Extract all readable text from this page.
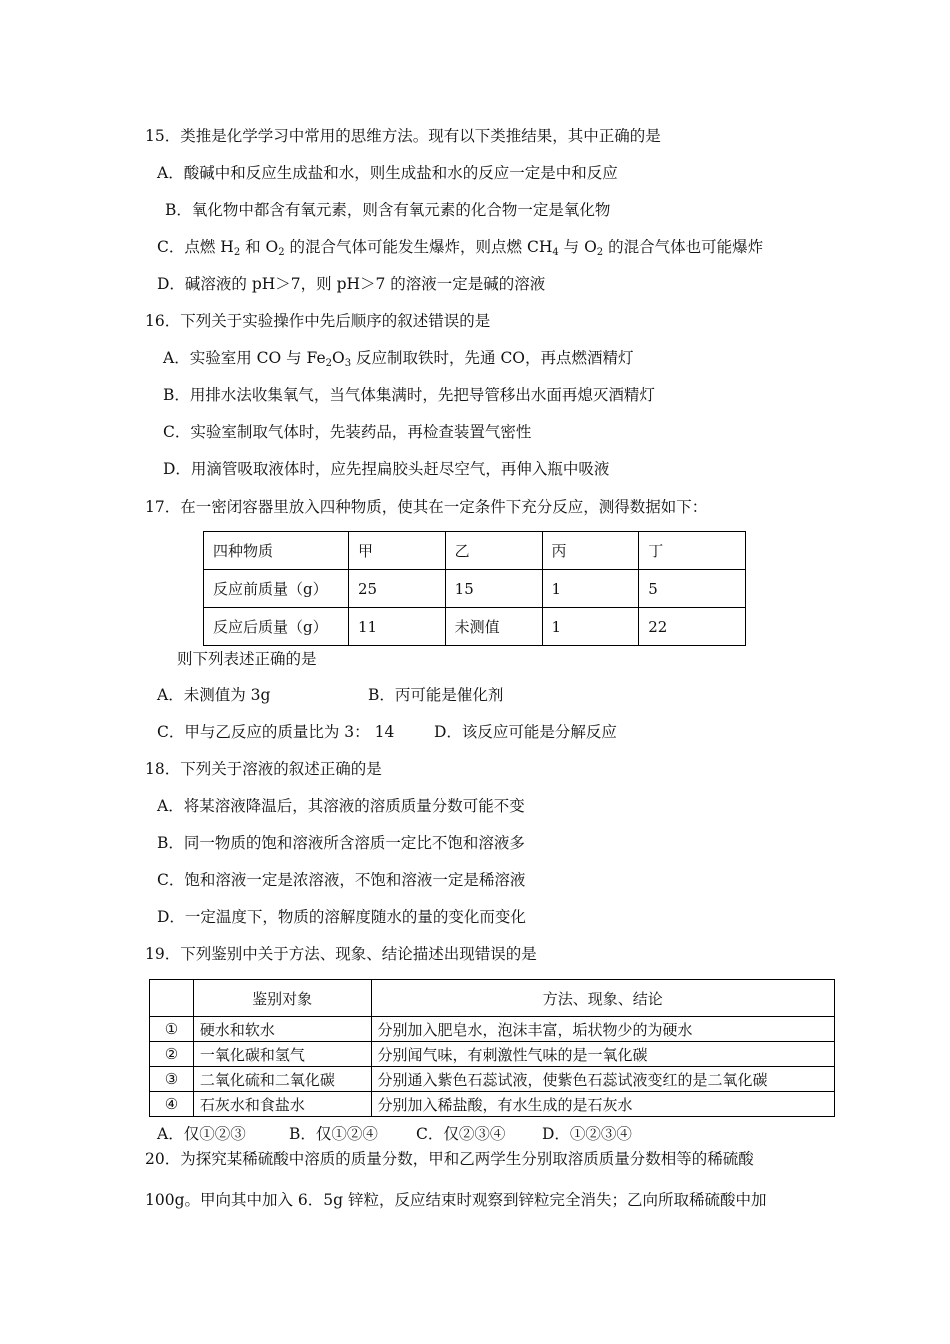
15．类推是化学学习中常用的思维方法。现有以下类推结果，其中正确的是
A．酸碱中和反应生成盐和水，则生成盐和水的反应一定是中和反应
B．氧化物中都含有氧元素，则含有氧元素的化合物一定是氧化物
C．点燃 $H_2$ 和 $O_2$ 的混合气体可能发生爆炸，则点燃 $CH_4$ 与 $O_2$ 的混合气体也可能爆炸
D．碱溶液的 pH＞7，则 pH＞7 的溶液一定是碱的溶液
16．下列关于实验操作中先后顺序的叙述错误的是
A．实验室用 CO 与 $Fe_2O_3$ 反应制取铁时，先通 CO，再点燃酒精灯
B．用排水法收集氧气，当气体集满时，先把导管移出水面再熄灭酒精灯
C．实验室制取气体时，先装药品，再检查装置气密性
D．用滴管吸取液体时，应先捏扁胶头赶尽空气，再伸入瓶中吸液
17．在一密闭容器里放入四种物质，使其在一定条件下充分反应，测得数据如下：
四种物质	甲	乙	丙	丁
反应前质量（g）	25	15	1	5
反应后质量（g）	11	未测值	1	22
则下列表述正确的是
A．未测值为 3g	B．丙可能是催化剂
C．甲与乙反应的质量比为 3： 14	D．该反应可能是分解反应
18．下列关于溶液的叙述正确的是
A．将某溶液降温后，其溶液的溶质质量分数可能不变
B．同一物质的饱和溶液所含溶质一定比不饱和溶液多
C．饱和溶液一定是浓溶液，不饱和溶液一定是稀溶液
D．一定温度下，物质的溶解度随水的量的变化而变化
19．下列鉴别中关于方法、现象、结论描述出现错误的是
	鉴别对象	方法、现象、结论
①	硬水和软水	分别加入肥皂水，泡沫丰富，垢状物少的为硬水
②	一氧化碳和氢气	分别闻气味，有刺激性气味的是一氧化碳
③	二氧化硫和二氧化碳	分别通入紫色石蕊试液，使紫色石蕊试液变红的是二氧化碳
④	石灰水和食盐水	分别加入稀盐酸，有水生成的是石灰水
A．仅①②③	B．仅①②④ C．仅②③④ D．①②③④
20．为探究某稀硫酸中溶质的质量分数，甲和乙两学生分别取溶质质量分数相等的稀硫酸
100g。甲向其中加入 6．5g 锌粒，反应结束时观察到锌粒完全消失；乙向所取稀硫酸中加
